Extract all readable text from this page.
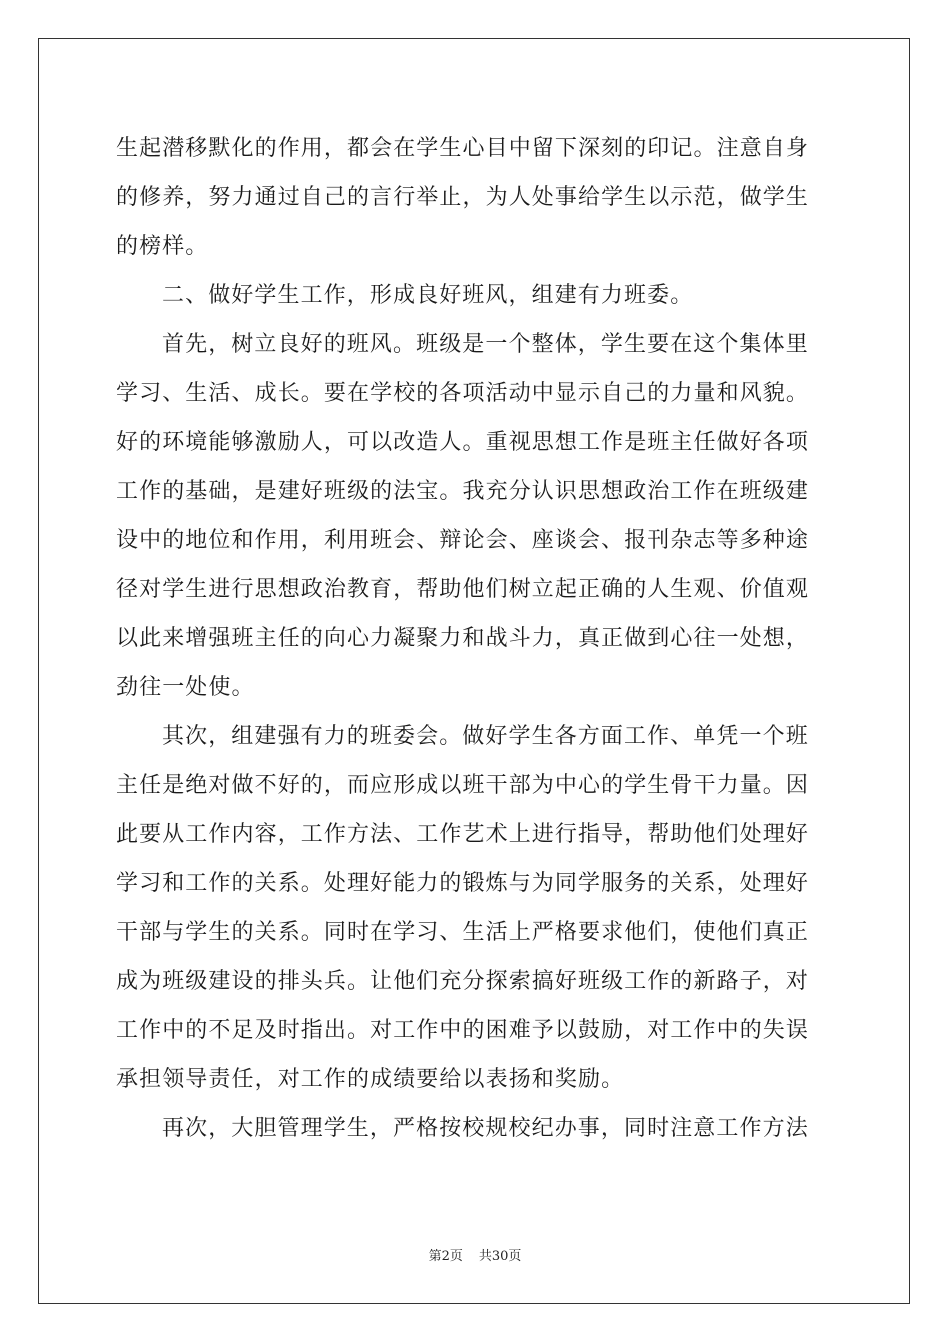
生起潜移默化的作用，都会在学生心目中留下深刻的印记。注意自身
的修养，努力通过自己的言行举止，为人处事给学生以示范，做学生
的榜样。
二、做好学生工作，形成良好班风，组建有力班委。
首先，树立良好的班风。班级是一个整体，学生要在这个集体里
学习、生活、成长。要在学校的各项活动中显示自己的力量和风貌。
好的环境能够激励人，可以改造人。重视思想工作是班主任做好各项
工作的基础，是建好班级的法宝。我充分认识思想政治工作在班级建
设中的地位和作用，利用班会、辩论会、座谈会、报刊杂志等多种途
径对学生进行思想政治教育，帮助他们树立起正确的人生观、价值观
以此来增强班主任的向心力凝聚力和战斗力，真正做到心往一处想，
劲往一处使。
其次，组建强有力的班委会。做好学生各方面工作、单凭一个班
主任是绝对做不好的，而应形成以班干部为中心的学生骨干力量。因
此要从工作内容，工作方法、工作艺术上进行指导，帮助他们处理好
学习和工作的关系。处理好能力的锻炼与为同学服务的关系，处理好
干部与学生的关系。同时在学习、生活上严格要求他们，使他们真正
成为班级建设的排头兵。让他们充分探索搞好班级工作的新路子，对
工作中的不足及时指出。对工作中的困难予以鼓励，对工作中的失误
承担领导责任，对工作的成绩要给以表扬和奖励。
再次，大胆管理学生，严格按校规校纪办事，同时注意工作方法
第2页 共30页
